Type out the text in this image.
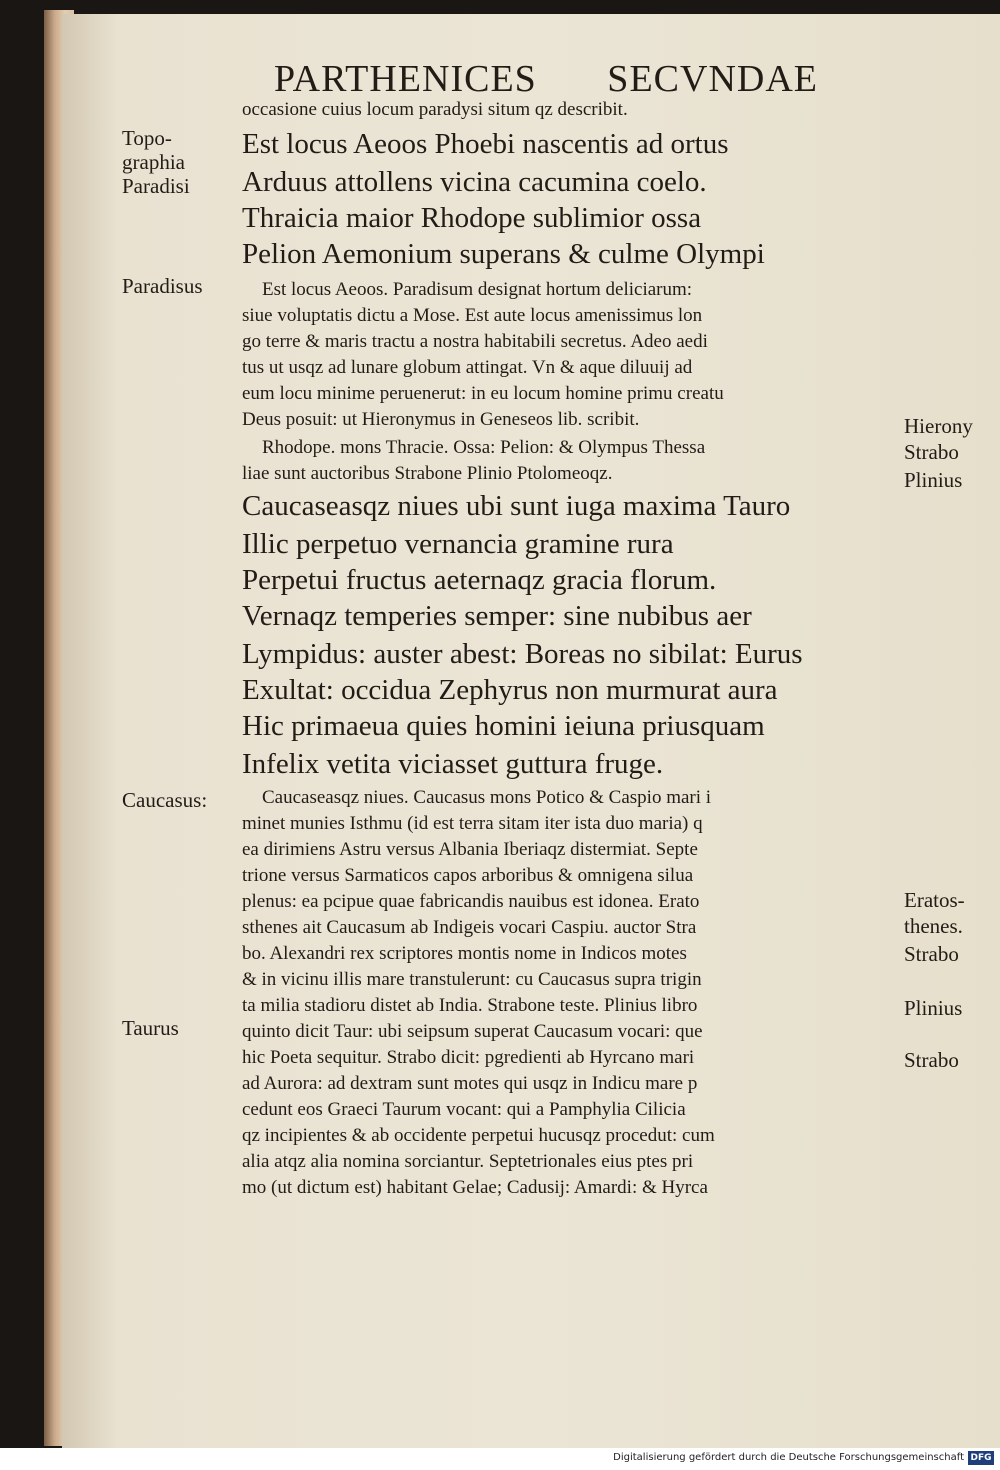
PARTHENICES SECVNDAE
occasione cuius locum paradysi situm qz describit.
Est locus Aeoos Phoebi nascentis ad ortus
Arduus attollens vicina cacumina coelo.
Thraicia maior Rhodope sublimior ossa
Pelion Aemonium superans & culme Olympi
Est locus Aeoos. Paradisum designat hortum deliciarum:
siue voluptatis dictu a Mose. Est aute locus amenissimus lon
go terre & maris tractu a nostra habitabili secretus. Adeo aedi
tus ut usqz ad lunare globum attingat. Vn & aque diluuij ad
eum locu minime peruenerut: in eu locum homine primu creatu
Deus posuit: ut Hieronymus in Geneseos lib. scribit.
Rhodope. mons Thracie. Ossa: Pelion: & Olympus Thessa
liae sunt auctoribus Strabone Plinio Ptolomeoqz.
Caucaseasqz niues ubi sunt iuga maxima Tauro
Illic perpetuo vernancia gramine rura
Perpetui fructus aeternaqz gracia florum.
Vernaqz temperies semper: sine nubibus aer
Lympidus: auster abest: Boreas no sibilat: Eurus
Exultat: occidua Zephyrus non murmurat aura
Hic primaeua quies homini ieiuna priusquam
Infelix vetita viciasset guttura fruge.
Caucaseasqz niues. Caucasus mons Potico & Caspio mari i
minet munies Isthmu (id est terra sitam iter ista duo maria) q
ea dirimiens Astru versus Albania Iberiaqz distermiat. Septe
trione versus Sarmaticos capos arboribus & omnigena silua
plenus: ea pcipue quae fabricandis nauibus est idonea. Erato
sthenes ait Caucasum ab Indigeis vocari Caspiu. auctor Stra
bo. Alexandri rex scriptores montis nome in Indicos motes
& in vicinu illis mare transtulerunt: cu Caucasus supra trigin
ta milia stadioru distet ab India. Strabone teste. Plinius libro
quinto dicit Taur: ubi seipsum superat Caucasum vocari: que
hic Poeta sequitur. Strabo dicit: pgredienti ab Hyrcano mari
ad Aurora: ad dextram sunt motes qui usqz in Indicu mare p
cedunt eos Graeci Taurum vocant: qui a Pamphylia Cilicia
qz incipientes & ab occidente perpetui hucusqz procedut: cum
alia atqz alia nomina sorciantur. Septetrionales eius ptes pri
mo (ut dictum est) habitant Gelae; Cadusij: Amardi: & Hyrca
Topo-
graphia
Paradisi
Paradisus
Caucasus:
Taurus
Hierony
Strabo
Plinius
Eratos-
thenes.
Strabo
Plinius
Strabo
Digitalisierung gefördert durch die Deutsche Forschungsgemeinschaft DFG
